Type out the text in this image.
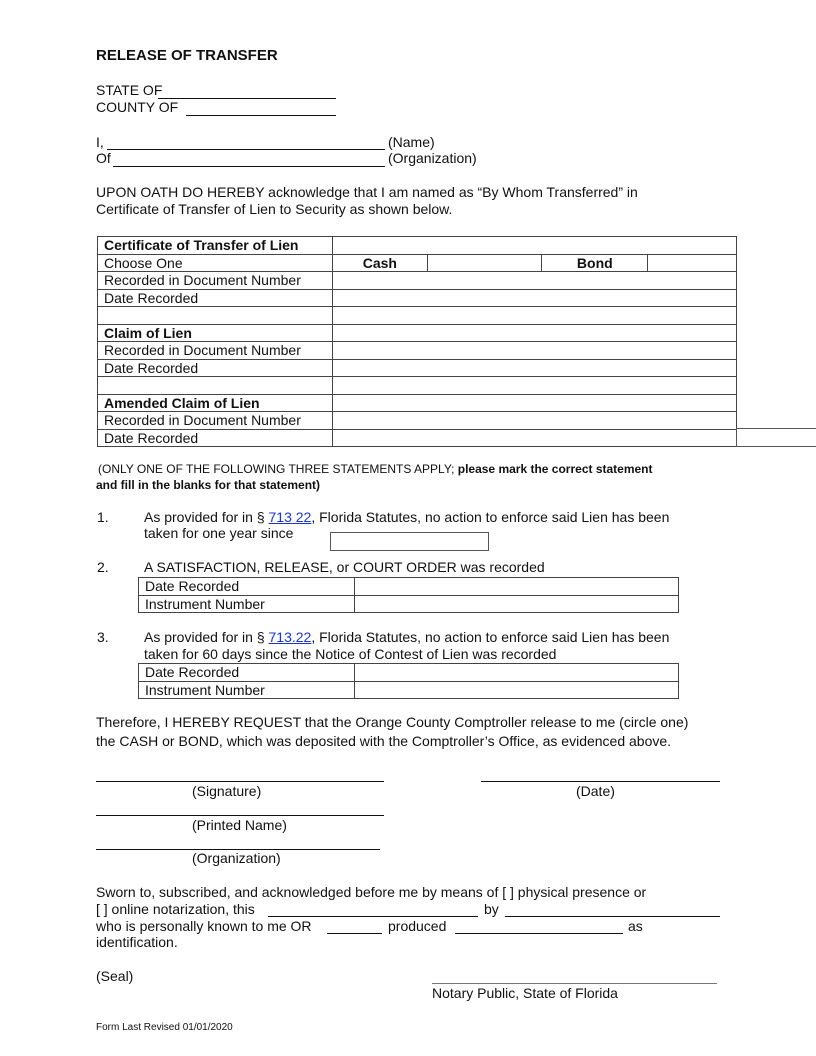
RELEASE OF TRANSFER
STATE OF
COUNTY OF
I,	(Name)
Of	(Organization)
UPON OATH DO HEREBY acknowledge that I am named as “By Whom Transferred” in
Certificate of Transfer of Lien to Security as shown below.
Certificate of Transfer of Lien				
Choose One	Cash		Bond	
Recorded in Document Number				
Date Recorded				

Claim of Lien				
Recorded in Document Number				
Date Recorded				

Amended Claim of Lien				
Recorded in Document Number				
Date Recorded				
(ONLY ONE OF THE FOLLOWING THREE STATEMENTS APPLY; please mark the correct statement
and fill in the blanks for that statement)
1.	As provided for in § 713 22, Florida Statutes, no action to enforce said Lien has been
taken for one year since
2.	A SATISFACTION, RELEASE, or COURT ORDER was recorded
Date Recorded	
Instrument Number	
3.	As provided for in § 713.22, Florida Statutes, no action to enforce said Lien has been
taken for 60 days since the Notice of Contest of Lien was recorded
Date Recorded	
Instrument Number	
Therefore, I HEREBY REQUEST that the Orange County Comptroller release to me (circle one)
the CASH or BOND, which was deposited with the Comptroller’s Office, as evidenced above.
(Signature)	(Date)
(Printed Name)
(Organization)
Sworn to, subscribed, and acknowledged before me by means of [ ] physical presence or
[ ] online notarization, this	by
who is personally known to me OR	produced	as
identification.
(Seal)
Notary Public, State of Florida
Form Last Revised 01/01/2020
